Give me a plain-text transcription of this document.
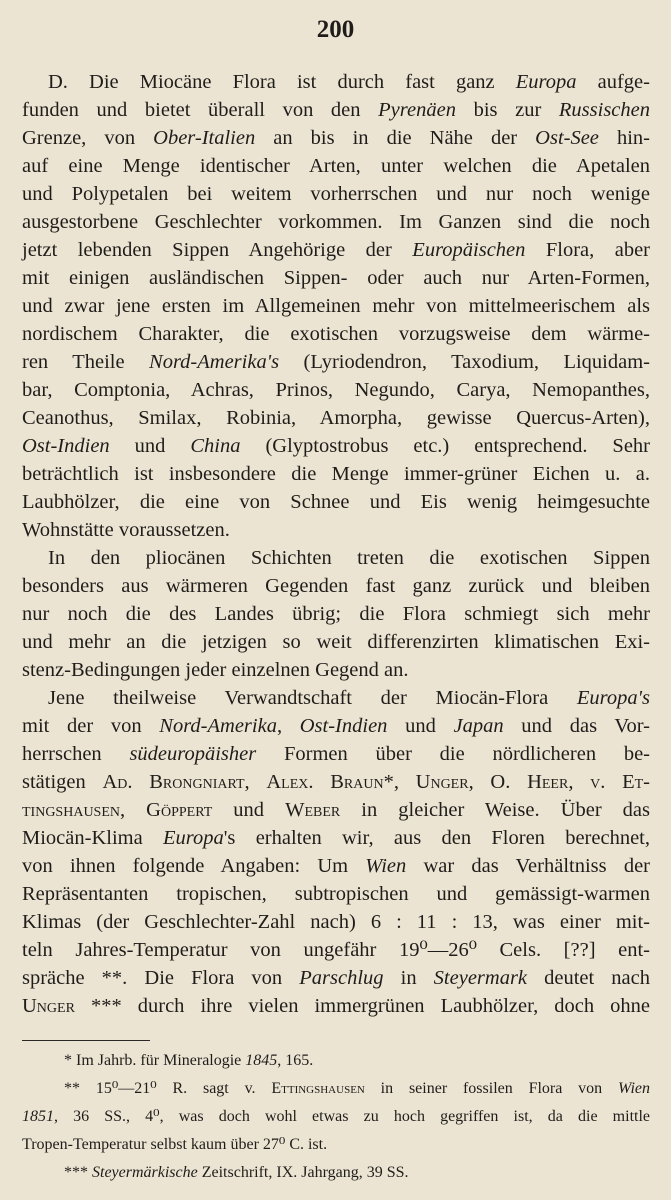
200
D. Die Miocäne Flora ist durch fast ganz Europa aufge-
funden und bietet überall von den Pyrenäen bis zur Russischen
Grenze, von Ober-Italien an bis in die Nähe der Ost-See hin-
auf eine Menge identischer Arten, unter welchen die Apetalen
und Polypetalen bei weitem vorherrschen und nur noch wenige
ausgestorbene Geschlechter vorkommen. Im Ganzen sind die noch
jetzt lebenden Sippen Angehörige der Europäischen Flora, aber
mit einigen ausländischen Sippen- oder auch nur Arten-Formen,
und zwar jene ersten im Allgemeinen mehr von mittelmeerischem als
nordischem Charakter, die exotischen vorzugsweise dem wärme-
ren Theile Nord-Amerika's (Lyriodendron, Taxodium, Liquidam-
bar, Comptonia, Achras, Prinos, Negundo, Carya, Nemopanthes,
Ceanothus, Smilax, Robinia, Amorpha, gewisse Quercus-Arten),
Ost-Indien und China (Glyptostrobus etc.) entsprechend. Sehr
beträchtlich ist insbesondere die Menge immer-grüner Eichen u. a.
Laubhölzer, die eine von Schnee und Eis wenig heimgesuchte
Wohnstätte voraussetzen.
In den pliocänen Schichten treten die exotischen Sippen
besonders aus wärmeren Gegenden fast ganz zurück und bleiben
nur noch die des Landes übrig; die Flora schmiegt sich mehr
und mehr an die jetzigen so weit differenzirten klimatischen Exi-
stenz-Bedingungen jeder einzelnen Gegend an.
Jene theilweise Verwandtschaft der Miocän-Flora Europa's
mit der von Nord-Amerika, Ost-Indien und Japan und das Vor-
herrschen südeuropäisher Formen über die nördlicheren be-
stätigen Ad. Brongniart, Alex. Braun*, Unger, O. Heer, v. Et-
tingshausen, Göppert und Weber in gleicher Weise. Über das
Miocän-Klima Europa's erhalten wir, aus den Floren berechnet,
von ihnen folgende Angaben: Um Wien war das Verhältniss der
Repräsentanten tropischen, subtropischen und gemässigt-warmen
Klimas (der Geschlechter-Zahl nach) 6 : 11 : 13, was einer mit-
teln Jahres-Temperatur von ungefähr 19⁰—26⁰ Cels. [??] ent-
spräche **. Die Flora von Parschlug in Steyermark deutet nach
Unger *** durch ihre vielen immergrünen Laubhölzer, doch ohne
* Im Jahrb. für Mineralogie 1845, 165.
** 15⁰—21⁰ R. sagt v. Ettingshausen in seiner fossilen Flora von Wien
1851, 36 SS., 4⁰, was doch wohl etwas zu hoch gegriffen ist, da die mittle
Tropen-Temperatur selbst kaum über 27⁰ C. ist.
*** Steyermärkische Zeitschrift, IX. Jahrgang, 39 SS.
